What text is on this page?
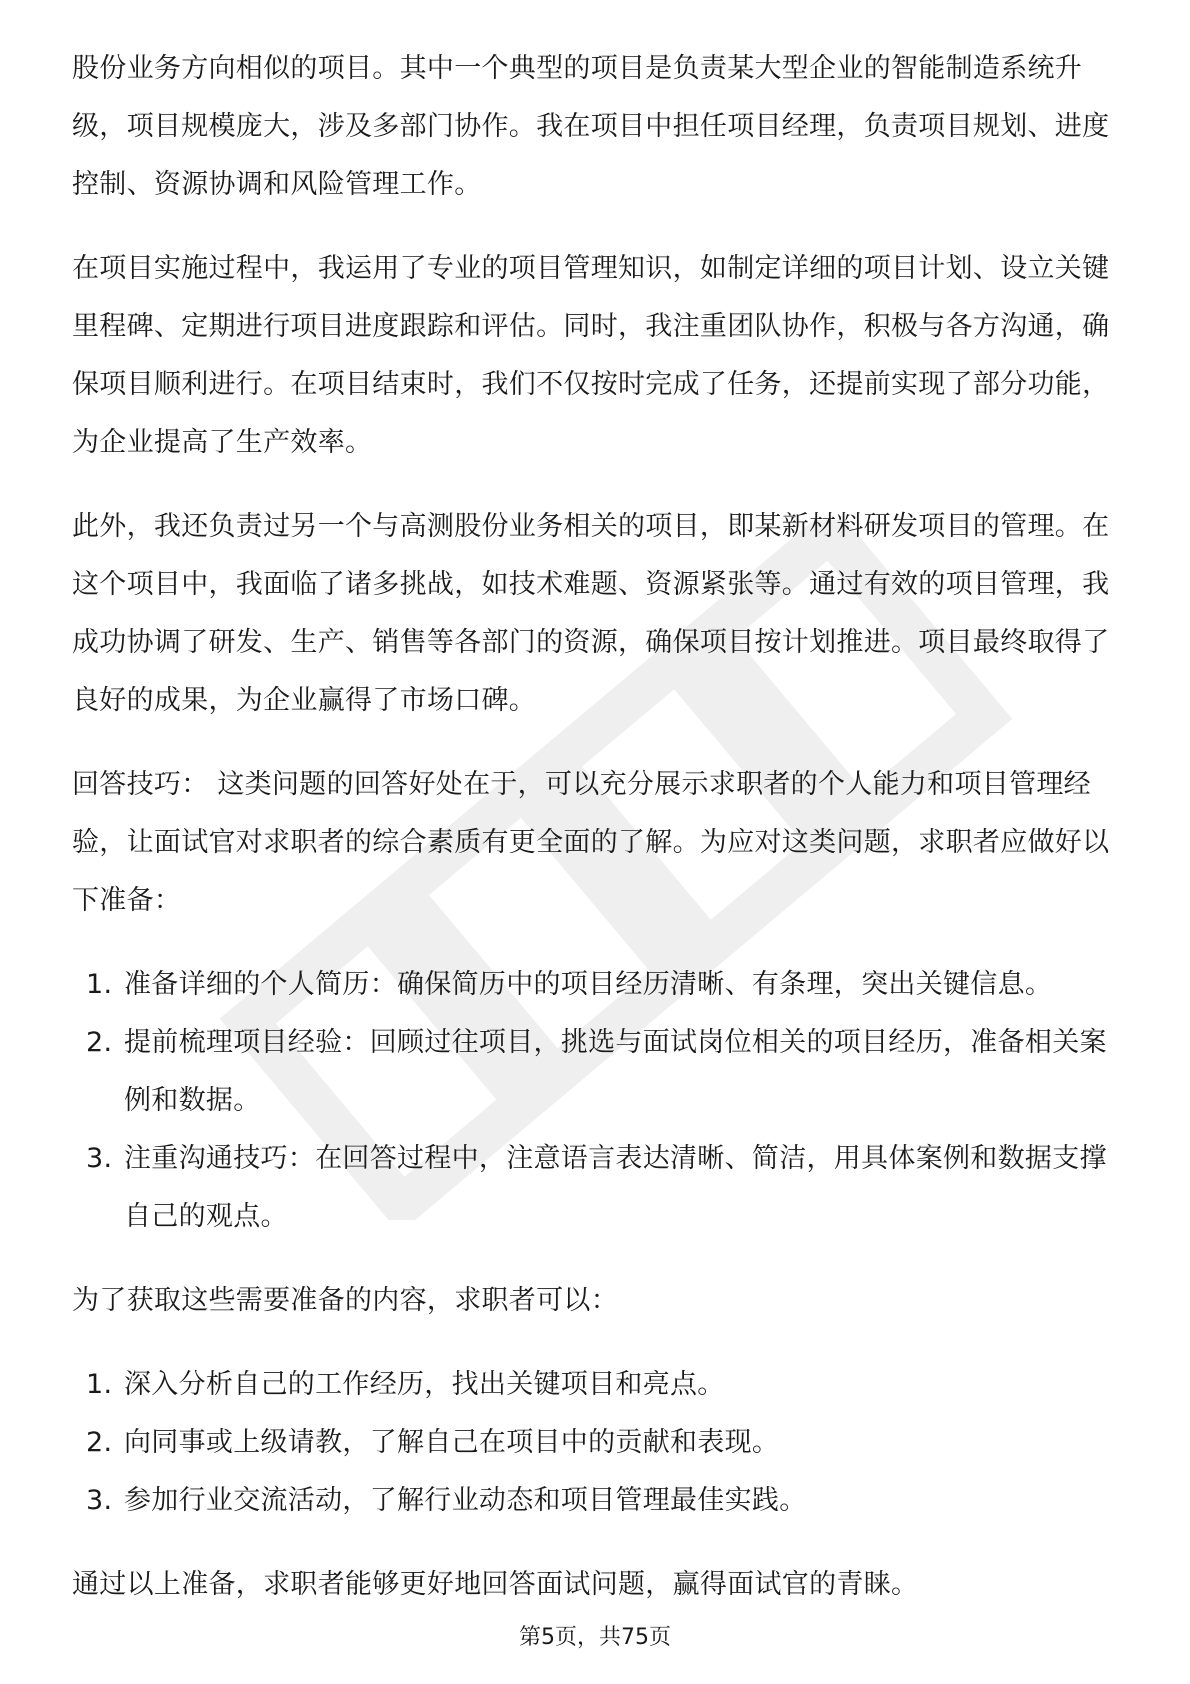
股份业务方向相似的项目。其中一个典型的项目是负责某大型企业的智能制造系统升级，项目规模庞大，涉及多部门协作。我在项目中担任项目经理，负责项目规划、进度控制、资源协调和风险管理工作。

在项目实施过程中，我运用了专业的项目管理知识，如制定详细的项目计划、设立关键里程碑、定期进行项目进度跟踪和评估。同时，我注重团队协作，积极与各方沟通，确保项目顺利进行。在项目结束时，我们不仅按时完成了任务，还提前实现了部分功能，为企业提高了生产效率。

此外，我还负责过另一个与高测股份业务相关的项目，即某新材料研发项目的管理。在这个项目中，我面临了诸多挑战，如技术难题、资源紧张等。通过有效的项目管理，我成功协调了研发、生产、销售等各部门的资源，确保项目按计划推进。项目最终取得了良好的成果，为企业赢得了市场口碑。

回答技巧： 这类问题的回答好处在于，可以充分展示求职者的个人能力和项目管理经验，让面试官对求职者的综合素质有更全面的了解。为应对这类问题，求职者应做好以下准备：

1. 准备详细的个人简历：确保简历中的项目经历清晰、有条理，突出关键信息。
2. 提前梳理项目经验：回顾过往项目，挑选与面试岗位相关的项目经历，准备相关案例和数据。
3. 注重沟通技巧：在回答过程中，注意语言表达清晰、简洁，用具体案例和数据支撑自己的观点。

为了获取这些需要准备的内容，求职者可以：

1. 深入分析自己的工作经历，找出关键项目和亮点。
2. 向同事或上级请教，了解自己在项目中的贡献和表现。
3. 参加行业交流活动，了解行业动态和项目管理最佳实践。

通过以上准备，求职者能够更好地回答面试问题，赢得面试官的青睐。

第5页，共75页
